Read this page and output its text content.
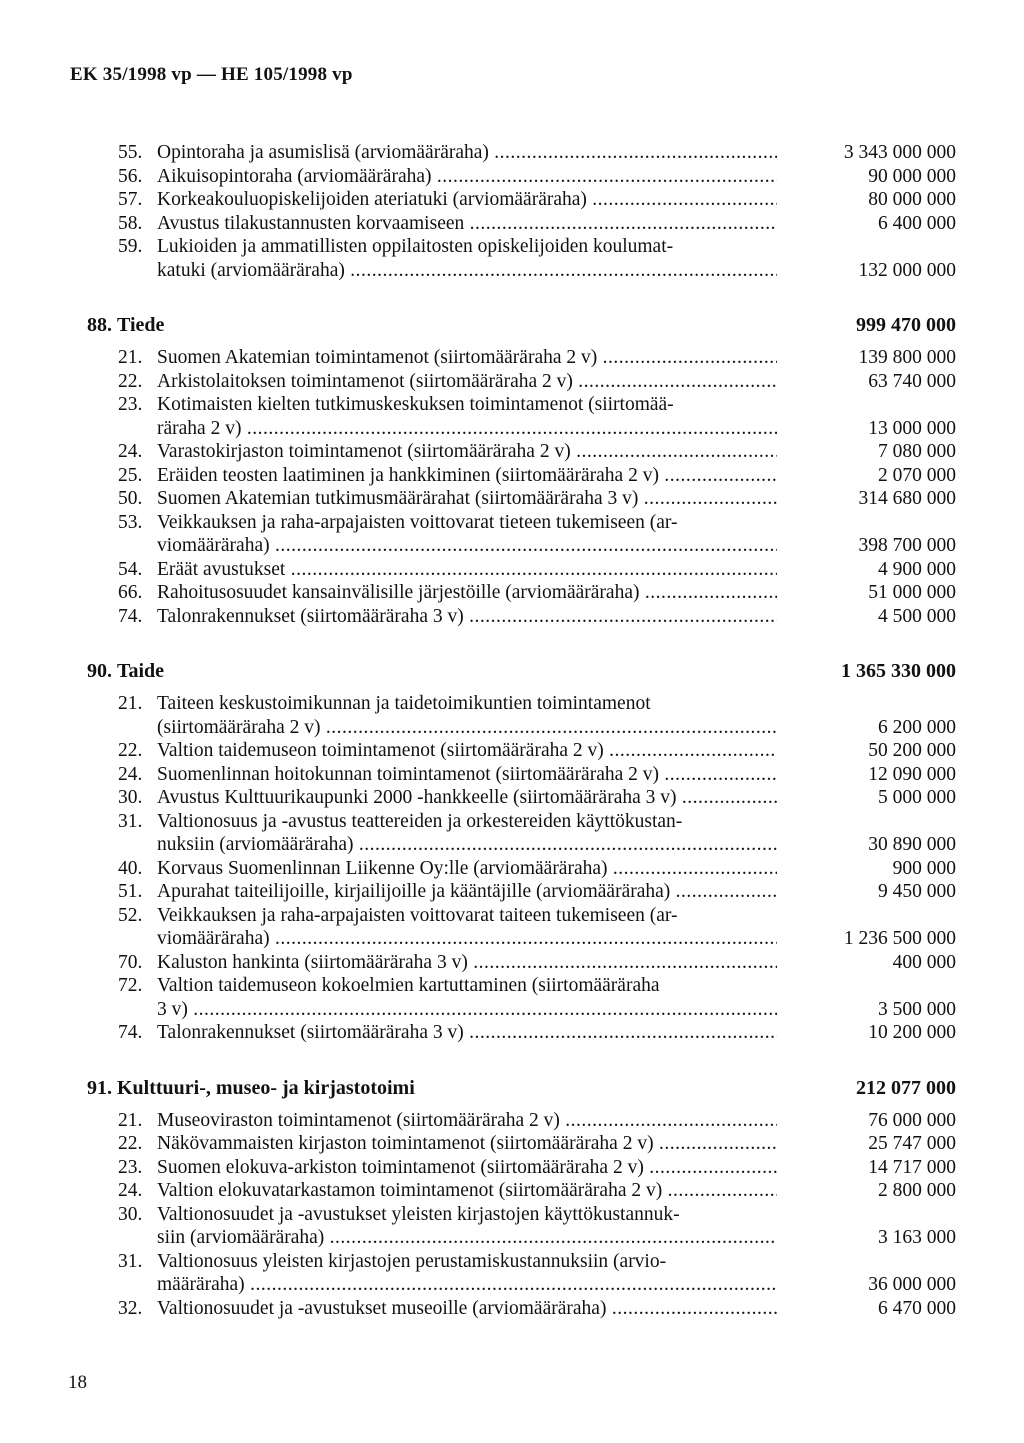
EK 35/1998 vp — HE 105/1998 vp
55. Opintoraha ja asumislisä (arviomääräraha) .....	3 343 000 000
56. Aikuisopintoraha (arviomääräraha) .....	90 000 000
57. Korkeakouluopiskelijoiden ateriatuki (arviomääräraha) .....	80 000 000
58. Avustus tilakustannusten korvaamiseen .....	6 400 000
59. Lukioiden ja ammatillisten oppilaitosten opiskelijoiden koulumat-
katuki (arviomääräraha) .....	132 000 000
88. Tiede	999 470 000
21. Suomen Akatemian toimintamenot (siirtomääräraha 2 v) .....	139 800 000
22. Arkistolaitoksen toimintamenot (siirtomääräraha 2 v) .....	63 740 000
23. Kotimaisten kielten tutkimuskeskuksen toimintamenot (siirtomää-
räraha 2 v) .....	13 000 000
24. Varastokirjaston toimintamenot (siirtomääräraha 2 v) .....	7 080 000
25. Eräiden teosten laatiminen ja hankkiminen (siirtomääräraha 2 v) .....	2 070 000
50. Suomen Akatemian tutkimusmäärärahat (siirtomääräraha 3 v) .....	314 680 000
53. Veikkauksen ja raha-arpajaisten voittovarat tieteen tukemiseen (ar-
viomääräraha) .....	398 700 000
54. Eräät avustukset .....	4 900 000
66. Rahoitusosuudet kansainvälisille järjestöille (arviomääräraha) .....	51 000 000
74. Talonrakennukset (siirtomääräraha 3 v) .....	4 500 000
90. Taide	1 365 330 000
21. Taiteen keskustoimikunnan ja taidetoimikuntien toimintamenot
(siirtomääräraha 2 v) .....	6 200 000
22. Valtion taidemuseon toimintamenot (siirtomääräraha 2 v) .....	50 200 000
24. Suomenlinnan hoitokunnan toimintamenot (siirtomääräraha 2 v) .....	12 090 000
30. Avustus Kulttuurikaupunki 2000 -hankkeelle (siirtomääräraha 3 v) .....	5 000 000
31. Valtionosuus ja -avustus teattereiden ja orkestereiden käyttökustan-
nuksiin (arviomääräraha) .....	30 890 000
40. Korvaus Suomenlinnan Liikenne Oy:lle (arviomääräraha) .....	900 000
51. Apurahat taiteilijoille, kirjailijoille ja kääntäjille (arviomääräraha) .....	9 450 000
52. Veikkauksen ja raha-arpajaisten voittovarat taiteen tukemiseen (ar-
viomääräraha) .....	1 236 500 000
70. Kaluston hankinta (siirtomääräraha 3 v) .....	400 000
72. Valtion taidemuseon kokoelmien kartuttaminen (siirtomääräraha
3 v) .....	3 500 000
74. Talonrakennukset (siirtomääräraha 3 v) .....	10 200 000
91. Kulttuuri-, museo- ja kirjastotoimi	212 077 000
21. Museoviraston toimintamenot (siirtomääräraha 2 v) .....	76 000 000
22. Näkövammaisten kirjaston toimintamenot (siirtomääräraha 2 v) .....	25 747 000
23. Suomen elokuva-arkiston toimintamenot (siirtomääräraha 2 v) .....	14 717 000
24. Valtion elokuvatarkastamon toimintamenot (siirtomääräraha 2 v) .....	2 800 000
30. Valtionosuudet ja -avustukset yleisten kirjastojen käyttökustannuk-
siin (arviomääräraha) .....	3 163 000
31. Valtionosuus yleisten kirjastojen perustamiskustannuksiin (arvio-
määräraha) .....	36 000 000
32. Valtionosuudet ja -avustukset museoille (arviomääräraha) .....	6 470 000
18
